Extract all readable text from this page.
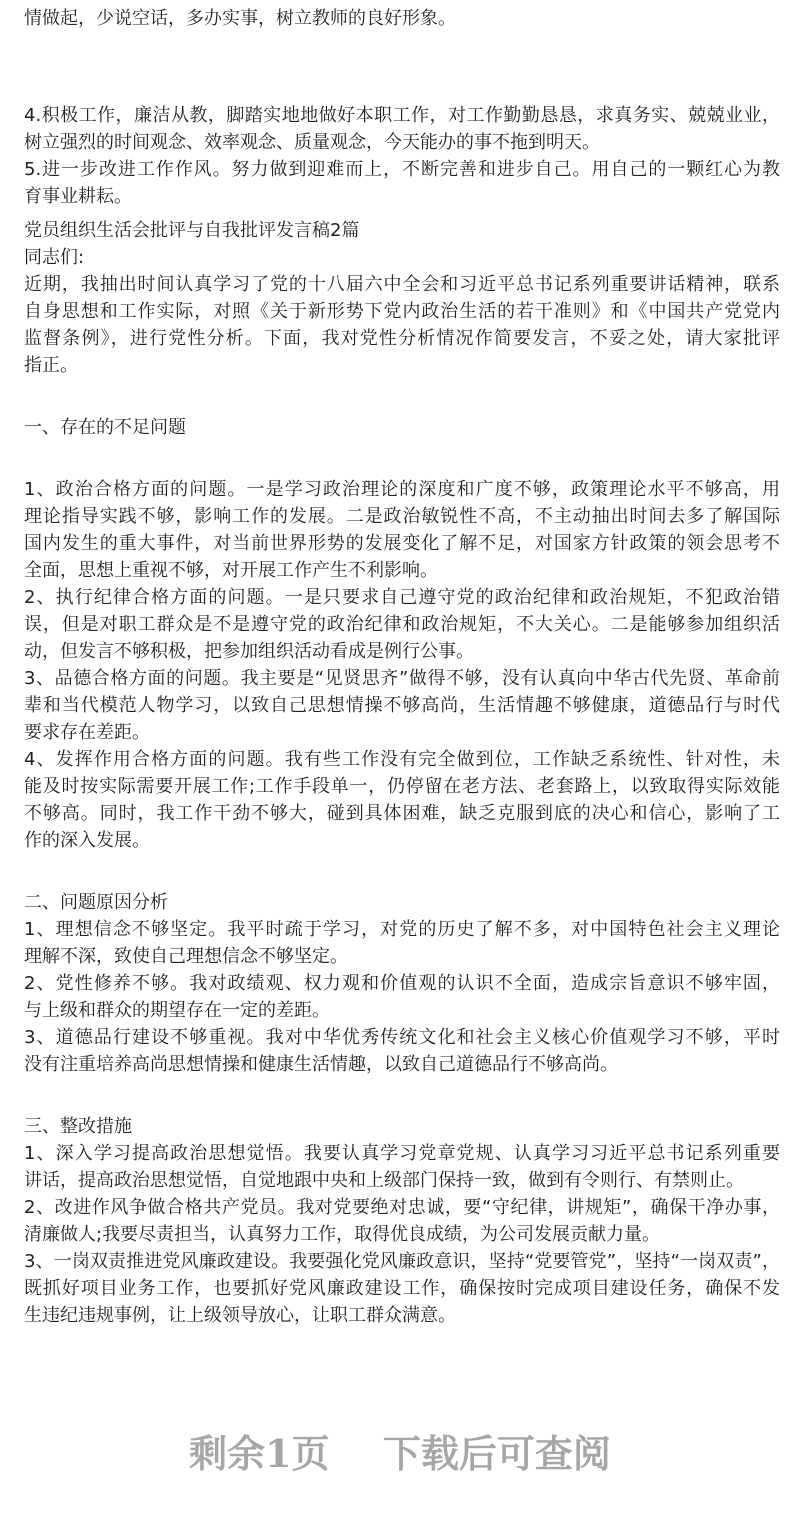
情做起，少说空话，多办实事，树立教师的良好形象。
4.积极工作，廉洁从教，脚踏实地地做好本职工作，对工作勤勤恳恳，求真务实、兢兢业业，
树立强烈的时间观念、效率观念、质量观念，今天能办的事不拖到明天。
5.进一步改进工作作风。努力做到迎难而上，不断完善和进步自己。用自己的一颗红心为教
育事业耕耘。
党员组织生活会批评与自我批评发言稿2篇
同志们:
近期，我抽出时间认真学习了党的十八届六中全会和习近平总书记系列重要讲话精神，联系
自身思想和工作实际，对照《关于新形势下党内政治生活的若干准则》和《中国共产党党内
监督条例》，进行党性分析。下面，我对党性分析情况作简要发言，不妥之处，请大家批评
指正。
一、存在的不足问题
1、政治合格方面的问题。一是学习政治理论的深度和广度不够，政策理论水平不够高，用
理论指导实践不够，影响工作的发展。二是政治敏锐性不高，不主动抽出时间去多了解国际
国内发生的重大事件，对当前世界形势的发展变化了解不足，对国家方针政策的领会思考不
全面，思想上重视不够，对开展工作产生不利影响。
2、执行纪律合格方面的问题。一是只要求自己遵守党的政治纪律和政治规矩，不犯政治错
误，但是对职工群众是不是遵守党的政治纪律和政治规矩，不大关心。二是能够参加组织活
动，但发言不够积极，把参加组织活动看成是例行公事。
3、品德合格方面的问题。我主要是“见贤思齐”做得不够，没有认真向中华古代先贤、革命前
辈和当代模范人物学习，以致自己思想情操不够高尚，生活情趣不够健康，道德品行与时代
要求存在差距。
4、发挥作用合格方面的问题。我有些工作没有完全做到位，工作缺乏系统性、针对性，未
能及时按实际需要开展工作;工作手段单一，仍停留在老方法、老套路上，以致取得实际效能
不够高。同时，我工作干劲不够大，碰到具体困难，缺乏克服到底的决心和信心，影响了工
作的深入发展。
二、问题原因分析
1、理想信念不够坚定。我平时疏于学习，对党的历史了解不多，对中国特色社会主义理论
理解不深，致使自己理想信念不够坚定。
2、党性修养不够。我对政绩观、权力观和价值观的认识不全面，造成宗旨意识不够牢固，
与上级和群众的期望存在一定的差距。
3、道德品行建设不够重视。我对中华优秀传统文化和社会主义核心价值观学习不够，平时
没有注重培养高尚思想情操和健康生活情趣，以致自己道德品行不够高尚。
三、整改措施
1、深入学习提高政治思想觉悟。我要认真学习党章党规、认真学习习近平总书记系列重要
讲话，提高政治思想觉悟，自觉地跟中央和上级部门保持一致，做到有令则行、有禁则止。
2、改进作风争做合格共产党员。我对党要绝对忠诚，要“守纪律，讲规矩”，确保干净办事，
清廉做人;我要尽责担当，认真努力工作，取得优良成绩，为公司发展贡献力量。
3、一岗双责推进党风廉政建设。我要强化党风廉政意识，坚持“党要管党”，坚持“一岗双责”，
既抓好项目业务工作，也要抓好党风廉政建设工作，确保按时完成项目建设任务，确保不发
生违纪违规事例，让上级领导放心，让职工群众满意。
剩余1页 下载后可查阅
